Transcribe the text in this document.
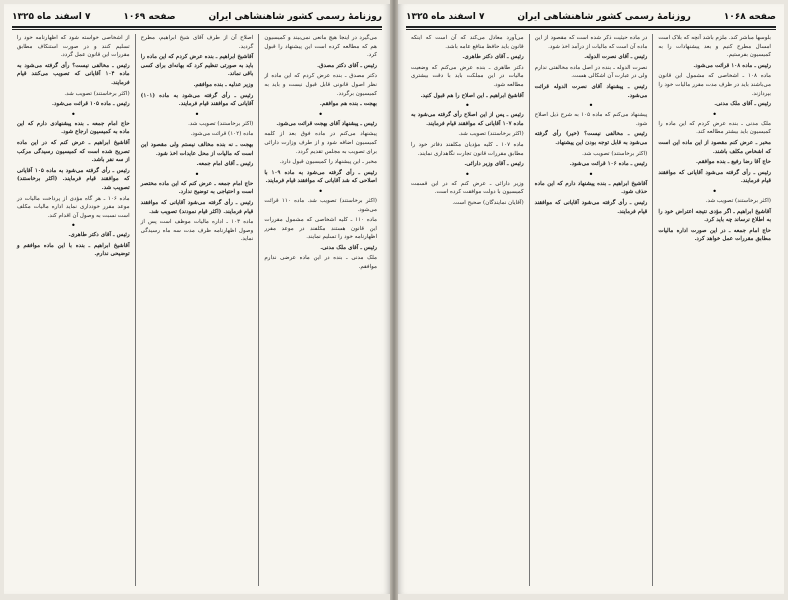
روزنامهٔ رسمی کشور شاهنشاهی ایران
صفحه ۱۰۶۹
۷ اسفند ماه ۱۳۲۵

می‌گیرد در اینجا هیچ مانعی نمی‌بیند و کمیسیون هم که مطالعه کرده است این پیشنهاد را قبول کرد.

رئیس ـ آقای دکتر مصدق.

دکتر مصدق ـ بنده عرض کردم که این ماده از نظر اصول قانونی قابل قبول نیست و باید به کمیسیون برگردد.

بهجت ـ بنده هم موافقم.

•

رئیس ـ پیشنهاد آقای بهجت قرائت می‌شود.

پیشنهاد می‌کنم در ماده فوق بعد از کلمه کمیسیون اضافه شود و از طرف وزارت دارائی برای تصویب به مجلس تقدیم گردد.

مخبر ـ این پیشنهاد را کمیسیون قبول دارد.

رئیس ـ رأی گرفته می‌شود به ماده ۱۰۹ با اصلاحی که شد آقایانی که موافقند قیام فرمایند.

•

(اکثر برخاستند) تصویب شد. ماده ۱۱۰ قرائت می‌شود.

ماده ۱۱۰ ـ کلیه اشخاصی که مشمول مقررات این قانون هستند مکلفند در موعد مقرر اظهارنامه خود را تسلیم نمایند.

رئیس ـ آقای ملک مدنی.

ملک مدنی ـ بنده در این ماده عرضی ندارم موافقم.

اصلاح آن از طرف آقای شیخ ابراهیم، مطرح گردید.

آقاشیخ ابراهیم ـ بنده عرض کردم که این ماده را باید به صورتی تنظیم کرد که بهانه‌ای برای کسی باقی نماند.

وزیر عدلیه ـ بنده موافقم.

رئیس ـ رأی گرفته می‌شود به ماده (۱۰۱) آقایانی که موافقند قیام فرمایند.

•

(اکثر برخاستند) تصویب شد.

ماده (۱۰۲) قرائت می‌شود.

بهجت ـ نه بنده مخالف نیستم ولی مقصود این است که مالیات از محل عایدات اخذ شود.

رئیس ـ آقای امام جمعه.

•

حاج امام جمعه ـ عرض کنم که این ماده مختصر است و احتیاجی به توضیح ندارد.

رئیس ـ رأی گرفته می‌شود آقایانی که موافقند قیام فرمایند. (اکثر قیام نمودند) تصویب شد.

ماده ۱۰۳ ـ اداره مالیات موظف است پس از وصول اظهارنامه ظرف مدت سه ماه رسیدگی نماید.

از اشخاصی خواسته شود که اظهارنامه خود را تسلیم کنند و در صورت استنکاف مطابق مقررات این قانون عمل گردد.

رئیس ـ مخالفی نیست؟ رأی گرفته می‌شود به ماده ۱۰۴ آقایانی که تصویب می‌کنند قیام فرمایند.

(اکثر برخاستند) تصویب شد.

رئیس ـ ماده ۱۰۵ قرائت می‌شود.

•

حاج امام جمعه ـ بنده پیشنهادی دارم که این ماده به کمیسیون ارجاع شود.

آقاشیخ ابراهیم ـ عرض کنم که در این ماده تصریح شده است که کمیسیون رسیدگی مرکب از سه نفر باشد.

رئیس ـ رأی گرفته می‌شود به ماده ۱۰۵ آقایانی که موافقند قیام فرمایند. (اکثر برخاستند) تصویب شد.

ماده ۱۰۶ ـ هر گاه مؤدی از پرداخت مالیات در موعد مقرر خودداری نماید اداره مالیات مکلف است نسبت به وصول آن اقدام کند.

•

رئیس ـ آقای دکتر طاهری.

آقاشیخ ابراهیم ـ بنده با این ماده موافقم و توضیحی ندارم.

صفحه ۱۰۶۸
روزنامهٔ رسمی کشور شاهنشاهی ایران
۷ اسفند ماه ۱۳۲۵

بلوسها مباشر کند. ملزم باشد آنچه که بلاک است امسال مطرح کنیم و بعد پیشنهادات را به کمیسیون بفرستیم.

رئیس ـ ماده ۱۰۸ قرائت می‌شود.

ماده ۱۰۸ ـ اشخاصی که مشمول این قانون می‌باشند باید در ظرف مدت مقرر مالیات خود را بپردازند.

رئیس ـ آقای ملک مدنی.

•

ملک مدنی ـ بنده عرض کردم که این ماده را کمیسیون باید بیشتر مطالعه کند.

مخبر ـ عرض کنم مقصود از این ماده این است که اشخاص مکلف باشند.

حاج آقا رضا رفیع ـ بنده موافقم.

رئیس ـ رأی گرفته می‌شود آقایانی که موافقند قیام فرمایند.

•

(اکثر برخاستند) تصویب شد.

آقاشیخ ابراهیم ـ اگر مؤدی نتیجه اعتراض خود را به اطلاع نرساند چه باید کرد.

حاج امام جمعه ـ در این صورت اداره مالیات مطابق مقررات عمل خواهد کرد.

در ماده حیثیت ذکر شده است که مقصود از این ماده آن است که مالیات از درآمد اخذ شود.

رئیس ـ آقای نصرت الدوله.

نصرت الدوله ـ بنده در اصل ماده مخالفتی ندارم ولی در عبارت آن اشکالی هست.

رئیس ـ پیشنهاد آقای نصرت الدوله قرائت می‌شود.

•

پیشنهاد می‌کنم که ماده ۱۰۵ به شرح ذیل اصلاح شود.

رئیس ـ مخالفی نیست؟ (خیر) رأی گرفته می‌شود به قابل توجه بودن این پیشنهاد.

(اکثر برخاستند) تصویب شد.

رئیس ـ ماده ۱۰۶ قرائت می‌شود.

•

آقاشیخ ابراهیم ـ بنده پیشنهاد دارم که این ماده حذف شود.

رئیس ـ رأی گرفته می‌شود آقایانی که موافقند قیام فرمایند.

می‌آورد معادل می‌کند که آن است که اینکه قانون باید حافظ منافع عامه باشد.

رئیس ـ آقای دکتر طاهری.

دکتر طاهری ـ بنده عرض می‌کنم که وضعیت مالیات در این مملکت باید با دقت بیشتری مطالعه شود.

آقاشیخ ابراهیم ـ این اصلاح را هم قبول کنید.

•

رئیس ـ پس از این اصلاح رأی گرفته می‌شود به ماده ۱۰۷ آقایانی که موافقند قیام فرمایند.

(اکثر برخاستند) تصویب شد.

ماده ۱۰۷ ـ کلیه مؤدیان مکلفند دفاتر خود را مطابق مقررات قانون تجارت نگاهداری نمایند.

رئیس ـ آقای وزیر دارائی.

•

وزیر دارائی ـ عرض کنم که در این قسمت کمیسیون با دولت موافقت کرده است.

(آقایان نمایندگان) صحیح است.
